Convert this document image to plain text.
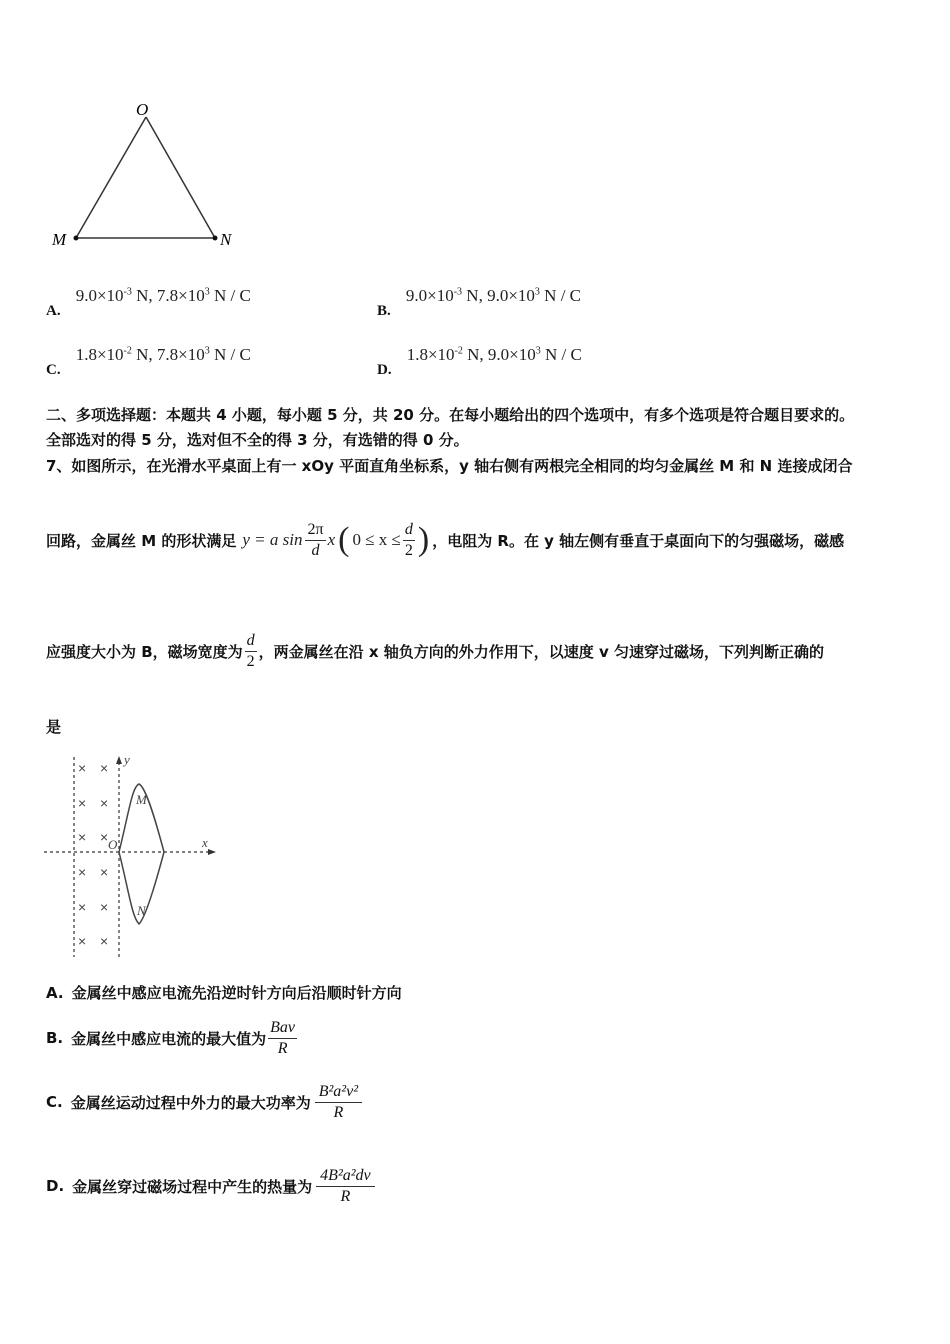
O
M	N
A. $9.0\times 10^{-3}$ N, $7.8\times 10^3$ N / C
B. $9.0\times 10^{-3}$ N, $9.0\times 10^3$ N / C
C. $1.8\times 10^{-2}$ N, $7.8\times 10^3$ N / C
D. $1.8\times 10^{-2}$ N, $9.0\times 10^3$ N / C
二、多项选择题：本题共 4 小题，每小题 5 分，共 20 分。在每小题给出的四个选项中，有多个选项是符合题目要求的。
全部选对的得 5 分，选对但不全的得 3 分，有选错的得 0 分。
7、如图所示，在光滑水平桌面上有一 xOy 平面直角坐标系，y 轴右侧有两根完全相同的均匀金属丝 M 和 N 连接成闭合
回路，金属丝 M 的形状满足 y = a $\sin \frac{2\pi}{d}$ x ( $0 \le x \le \frac{d}{2}$ ) ，电阻为 R。在 y 轴左侧有垂直于桌面向下的匀强磁场，磁感
应强度大小为 B，磁场宽度为 $\frac{d}{2}$ ，两金属丝在沿 x 轴负方向的外力作用下，以速度 v 匀速穿过磁场，下列判断正确的
是
× ×
× ×
× ×
× ×
× ×
× ×
y
x
O
M
N
A. 金属丝中感应电流先沿逆时针方向后沿顺时针方向
B. 金属丝中感应电流的最大值为 $\frac{\text{Bav}}{R}$
C. 金属丝运动过程中外力的最大功率为 $\frac{\text{B²a²v²}}{R}$
D. 金属丝穿过磁场过程中产生的热量为 $\frac{\text{4B²a²dv}}{R}$
